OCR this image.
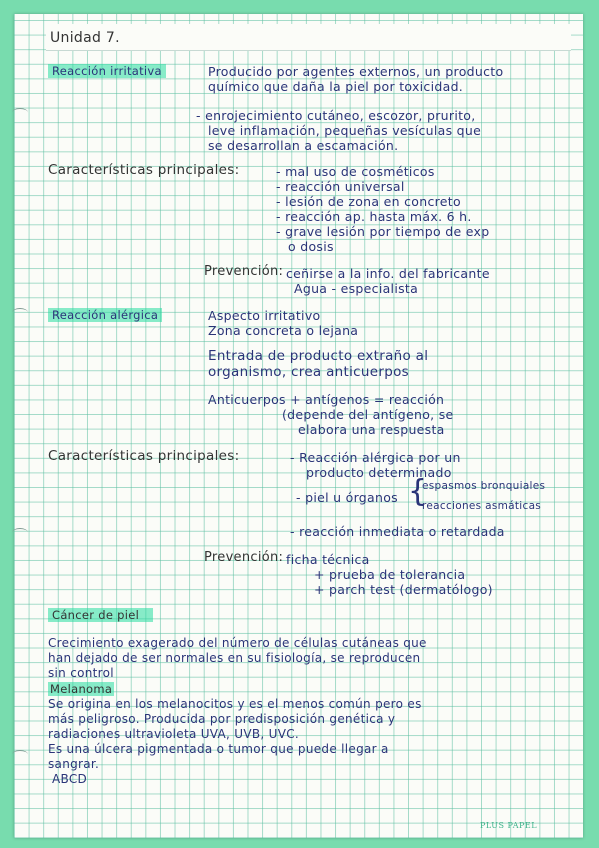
Unidad 7.
Reacción irritativa	Producido por agentes externos, un producto
químico que daña la piel por toxicidad.
- enrojecimiento cutáneo, escozor, prurito,
leve inflamación, pequeñas vesículas que
se desarrollan a escamación.
Características principales:	- mal uso de cosméticos
- reacción universal
- lesión de zona en concreto
- reacción ap. hasta máx. 6 h.
- grave lesión por tiempo de exp
o dosis
Prevención: ceñirse a la info. del fabricante
Agua - especialista
Reacción alérgica	Aspecto irritativo
Zona concreta o lejana
Entrada de producto extraño al
organismo, crea anticuerpos
Anticuerpos + antígenos = reacción
(depende del antígeno, se
elabora una respuesta
Características principales:	- Reacción alérgica por un
producto determinado
- piel u órganos {
espasmos bronquiales
reacciones asmáticas
- reacción inmediata o retardada
Prevención: ficha técnica
+ prueba de tolerancia
+ parch test (dermatólogo)
Cáncer de piel
Crecimiento exagerado del número de células cutáneas que
han dejado de ser normales en su fisiología, se reproducen
sin control
Melanoma
Se origina en los melanocitos y es el menos común pero es
más peligroso. Producida por predisposición genética y
radiaciones ultravioleta UVA, UVB, UVC.
Es una úlcera pigmentada o tumor que puede llegar a
sangrar.
ABCD
PLUS PAPEL
